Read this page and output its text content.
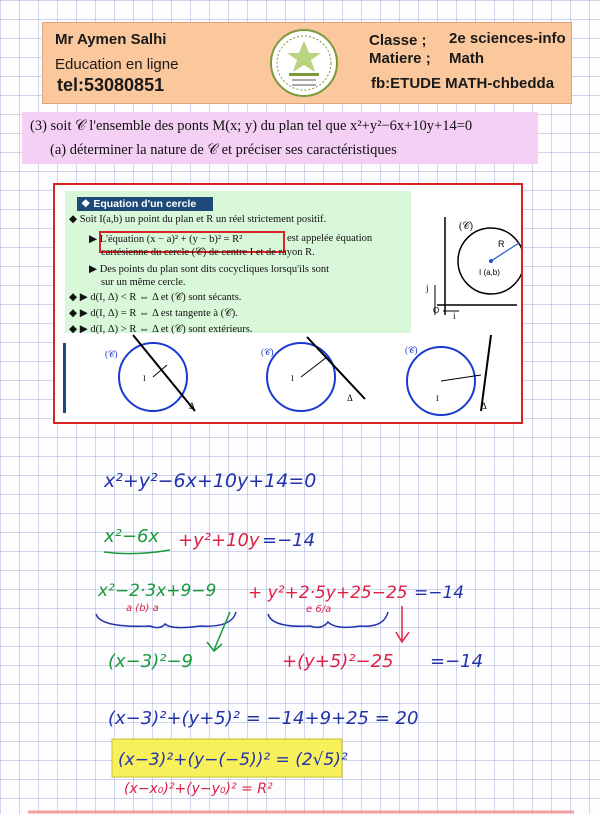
Mr Aymen Salhi
Education en ligne
tel:53080851
Classe ; 2e sciences-info
Matiere ; Math
fb:ETUDE MATH-chbedda
(3) soit 𝒞 l'ensemble des ponts M(x; y) du plan tel que x²+y²−6x+10y+14=0
(a) déterminer la nature de 𝒞 et préciser ses caractéristiques
❖ Equation d'un cercle
◆ Soit I(a,b) un point du plan et R un réel strictement positif.
▶ L'équation (x − a)² + (y − b)² = R²	est appelée équation
cartésienne du cercle (𝒞) de centre I et de rayon R.
▶ Des points du plan sont dits cocycliques lorsqu'ils sont
sur un même cercle.
◆ ▶ d(I, Δ) < R ⇔ Δ et (𝒞) sont sécants.
◆ ▶ d(I, Δ) = R ⇔ Δ est tangente à (𝒞).
◆ ▶ d(I, Δ) > R ⇔ Δ et (𝒞) sont extérieurs.
(𝒞)
R
I (a,b)
j
i
O
(𝒞)
I
Δ
(𝒞)
I
Δ
(𝒞)
I
Δ
x²+y²−6x+10y+14=0
x²−6x +y²+10y =−14
x²−2·3x+9−9
a (b) a
+ y²+2·5y+25−25
e 6/a
=−14
(x−3)²−9	+(y+5)²−25 =−14
(x−3)²+(y+5)² = −14+9+25 = 20
(x−3)²+(y−(−5))² = (2√5)²
(x−x₀)²+(y−y₀)² = R²
